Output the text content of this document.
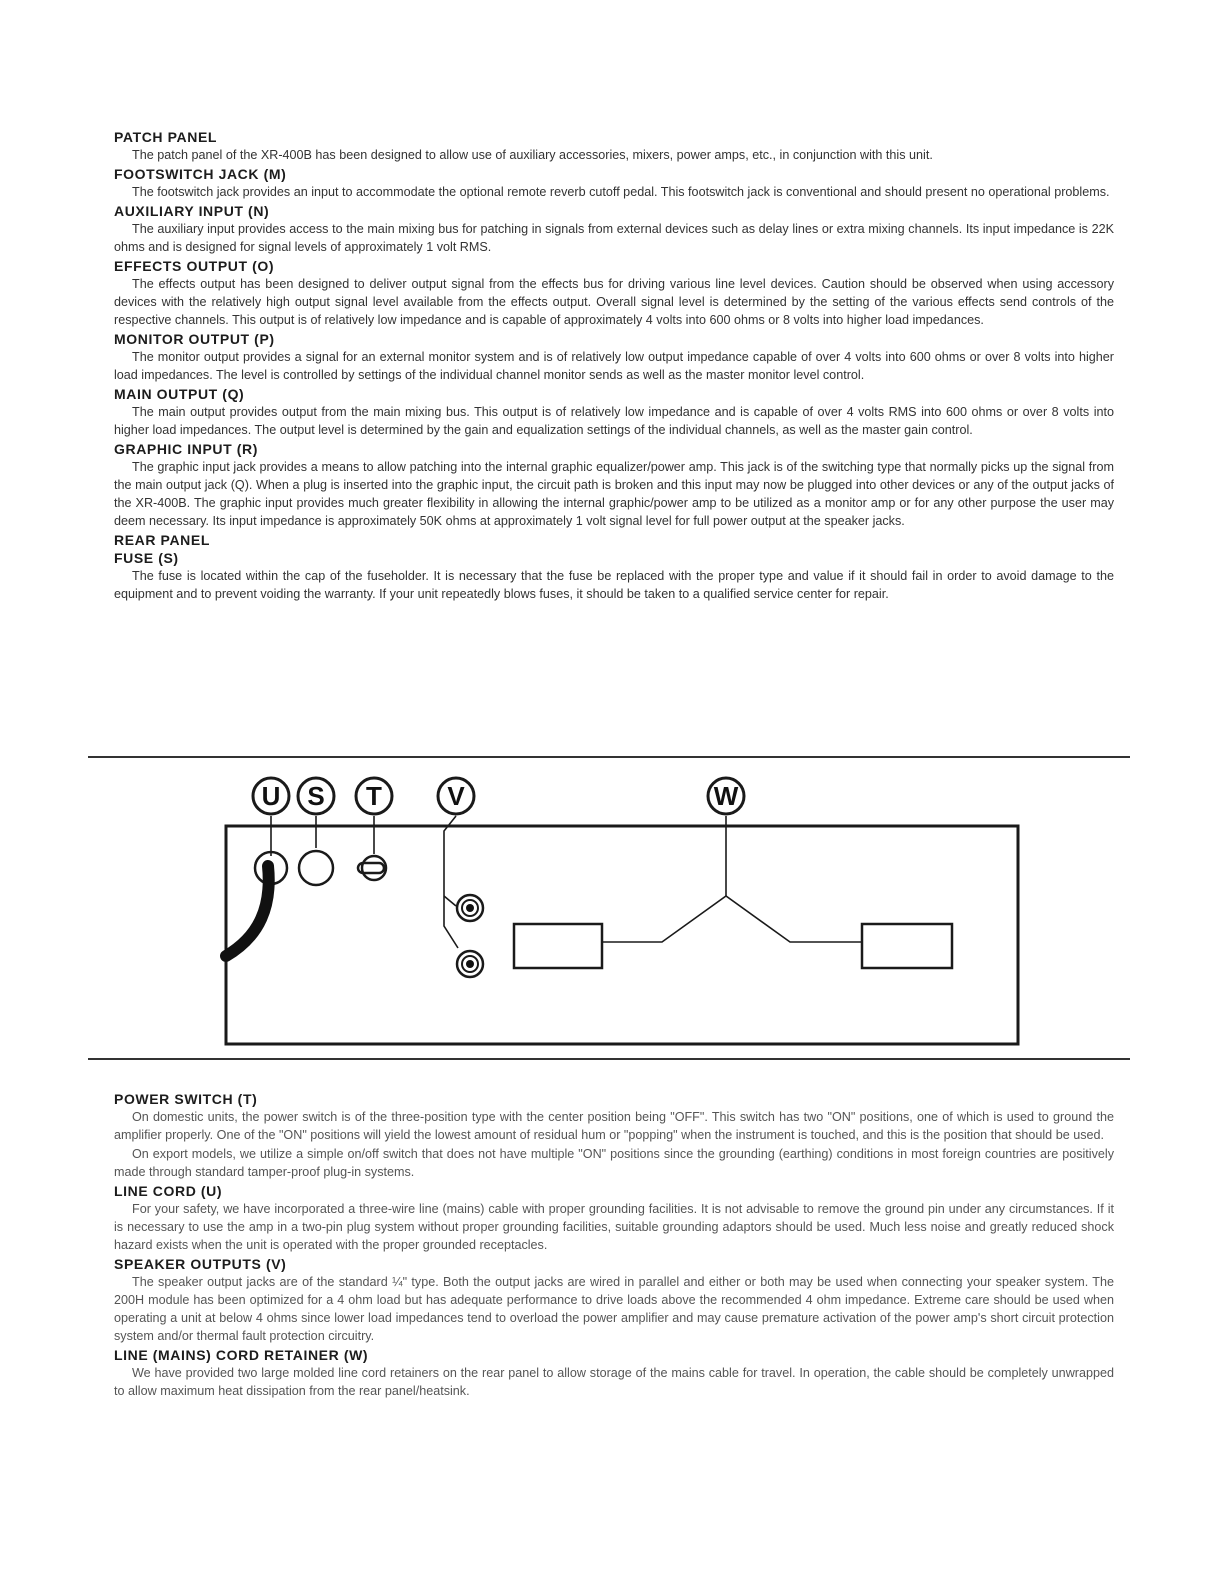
PATCH PANEL

The patch panel of the XR-400B has been designed to allow use of auxiliary accessories, mixers, power amps, etc., in conjunction with this unit.

FOOTSWITCH JACK (M)

The footswitch jack provides an input to accommodate the optional remote reverb cutoff pedal. This footswitch jack is conventional and should present no operational problems.

AUXILIARY INPUT (N)

The auxiliary input provides access to the main mixing bus for patching in signals from external devices such as delay lines or extra mixing channels. Its input impedance is 22K ohms and is designed for signal levels of approximately 1 volt RMS.

EFFECTS OUTPUT (O)

The effects output has been designed to deliver output signal from the effects bus for driving various line level devices. Caution should be observed when using accessory devices with the relatively high output signal level available from the effects output. Overall signal level is determined by the setting of the various effects send controls of the respective channels. This output is of relatively low impedance and is capable of approximately 4 volts into 600 ohms or 8 volts into higher load impedances.

MONITOR OUTPUT (P)

The monitor output provides a signal for an external monitor system and is of relatively low output impedance capable of over 4 volts into 600 ohms or over 8 volts into higher load impedances. The level is controlled by settings of the individual channel monitor sends as well as the master monitor level control.

MAIN OUTPUT (Q)

The main output provides output from the main mixing bus. This output is of relatively low impedance and is capable of over 4 volts RMS into 600 ohms or over 8 volts into higher load impedances. The output level is determined by the gain and equalization settings of the individual channels, as well as the master gain control.

GRAPHIC INPUT (R)

The graphic input jack provides a means to allow patching into the internal graphic equalizer/power amp. This jack is of the switching type that normally picks up the signal from the main output jack (Q). When a plug is inserted into the graphic input, the circuit path is broken and this input may now be plugged into other devices or any of the output jacks of the XR-400B. The graphic input provides much greater flexibility in allowing the internal graphic/power amp to be utilized as a monitor amp or for any other purpose the user may deem necessary. Its input impedance is approximately 50K ohms at approximately 1 volt signal level for full power output at the speaker jacks.

REAR PANEL
FUSE (S)

The fuse is located within the cap of the fuseholder. It is necessary that the fuse be replaced with the proper type and value if it should fail in order to avoid damage to the equipment and to prevent voiding the warranty. If your unit repeatedly blows fuses, it should be taken to a qualified service center for repair.

U S T	V	W
POWER SWITCH (T)

On domestic units, the power switch is of the three-position type with the center position being "OFF". This switch has two "ON" positions, one of which is used to ground the amplifier properly. One of the "ON" positions will yield the lowest amount of residual hum or "popping" when the instrument is touched, and this is the position that should be used.

On export models, we utilize a simple on/off switch that does not have multiple "ON" positions since the grounding (earthing) conditions in most foreign countries are positively made through standard tamper-proof plug-in systems.

LINE CORD (U)

For your safety, we have incorporated a three-wire line (mains) cable with proper grounding facilities. It is not advisable to remove the ground pin under any circumstances. If it is necessary to use the amp in a two-pin plug system without proper grounding facilities, suitable grounding adaptors should be used. Much less noise and greatly reduced shock hazard exists when the unit is operated with the proper grounded receptacles.

SPEAKER OUTPUTS (V)

The speaker output jacks are of the standard ¼" type. Both the output jacks are wired in parallel and either or both may be used when connecting your speaker system. The 200H module has been optimized for a 4 ohm load but has adequate performance to drive loads above the recommended 4 ohm impedance. Extreme care should be used when operating a unit at below 4 ohms since lower load impedances tend to overload the power amplifier and may cause premature activation of the power amp's short circuit protection system and/or thermal fault protection circuitry.

LINE (MAINS) CORD RETAINER (W)

We have provided two large molded line cord retainers on the rear panel to allow storage of the mains cable for travel. In operation, the cable should be completely unwrapped to allow maximum heat dissipation from the rear panel/heatsink.
